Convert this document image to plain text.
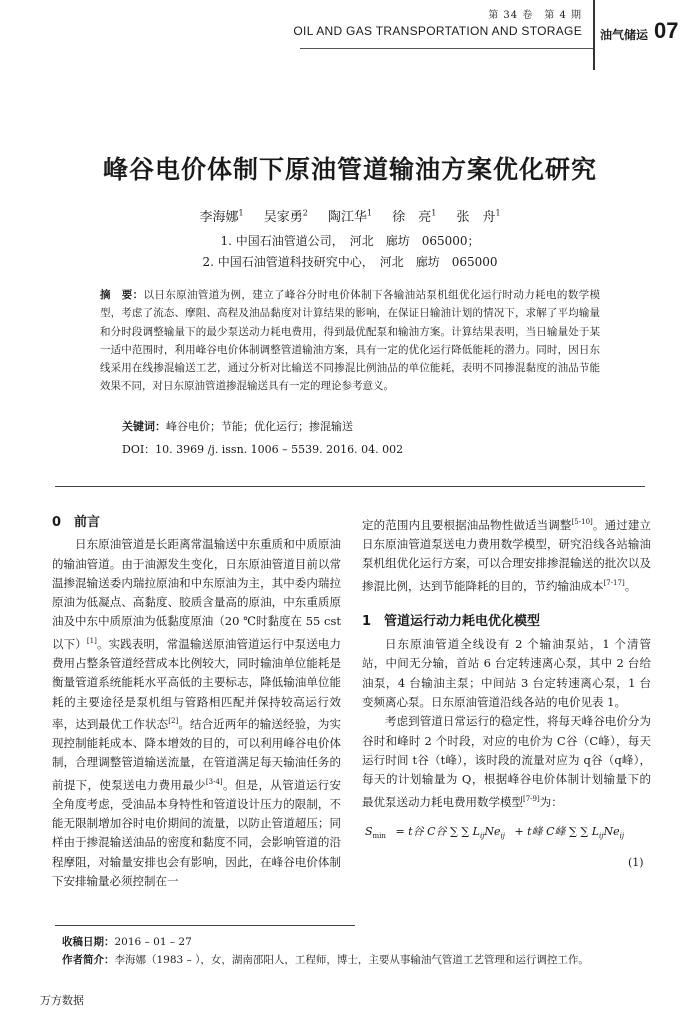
第 34 卷　第 4 期
OIL AND GAS TRANSPORTATION AND STORAGE 油气储运 07
峰谷电价体制下原油管道输油方案优化研究
李海娜$^1$ 吴家勇$^2$ 陶江华$^1$ 徐　亮$^1$ 张　舟$^1$
1. 中国石油管道公司，　河北　廊坊　065000；
2. 中国石油管道科技研究中心，　河北　廊坊　065000
摘　要：以日东原油管道为例，建立了峰谷分时电价体制下各输油站泵机组优化运行时动力耗电的数学模型，考虑了流态、摩阻、高程及油品黏度对计算结果的影响，在保证日输油计划的情况下，求解了平均输量和分时段调整输量下的最少泵送动力耗电费用，得到最优配泵和输油方案。计算结果表明，当日输量处于某一适中范围时，利用峰谷电价体制调整管道输油方案，具有一定的优化运行降低能耗的潜力。同时，因日东线采用在线掺混输送工艺，通过分析对比输送不同掺混比例油品的单位能耗，表明不同掺混黏度的油品节能效果不同，对日东原油管道掺混输送具有一定的理论参考意义。
关键词：峰谷电价；节能；优化运行；掺混输送
DOI：10. 3969 /j. issn. 1006 – 5539. 2016. 04. 002
0　前言

日东原油管道是长距离常温输送中东重质和中质原油的输油管道。由于油源发生变化，日东原油管道目前以常温掺混输送委内瑞拉原油和中东原油为主，其中委内瑞拉原油为低凝点、高黏度、胶质含量高的原油，中东重质原油及中东中质原油为低黏度原油（20 ℃时黏度在 55 cst 以下）[1]。实践表明，常温输送原油管道运行中泵送电力费用占整条管道经营成本比例较大，同时输油单位能耗是衡量管道系统能耗水平高低的主要标志，降低输油单位能耗的主要途径是泵机组与管路相匹配并保持较高运行效率，达到最优工作状态[2]。结合近两年的输送经验，为实现控制能耗成本、降本增效的目的，可以利用峰谷电价体制，合理调整管道输送流量，在管道满足每天输油任务的前提下，使泵送电力费用最少[3-4]。但是，从管道运行安全角度考虑，受油品本身特性和管道设计压力的限制，不能无限制增加谷时电价期间的流量，以防止管道超压；同样由于掺混输送油品的密度和黏度不同，会影响管道的沿程摩阻，对输量安排也会有影响，因此，在峰谷电价体制下安排输量必须控制在一

定的范围内且要根据油品物性做适当调整[5-10]。通过建立日东原油管道泵送电力费用数学模型，研究沿线各站输油泵机组优化运行方案，可以合理安排掺混输送的批次以及掺混比例，达到节能降耗的目的，节约输油成本[7-17]。
1　管道运行动力耗电优化模型

日东原油管道全线设有 2 个输油泵站，1 个清管站，中间无分输，首站 6 台定转速离心泵，其中 2 台给油泵，4 台输油主泵；中间站 3 台定转速离心泵，1 台变频离心泵。日东原油管道沿线各站的电价见表 1。

考虑到管道日常运行的稳定性，将每天峰谷电价分为谷时和峰时 2 个时段，对应的电价为 C谷（C峰），每天运行时间 t谷（t峰），该时段的流量对应为 q谷（q峰），每天的计划输量为 Q，根据峰谷电价体制计划输量下的最优泵送动力耗电费用数学模型[7-9]为：

$S_{min} = t$谷 C谷 ∑ ∑ $L_{ij}Ne_{ij} + t$峰 C峰 ∑ ∑ $L_{ij}Ne_{ij}$
(1)
收稿日期：2016 – 01 – 27
作者简介：李海娜（1983 – ），女，湖南邵阳人，工程师，博士，主要从事输油气管道工艺管理和运行调控工作。
万方数据
